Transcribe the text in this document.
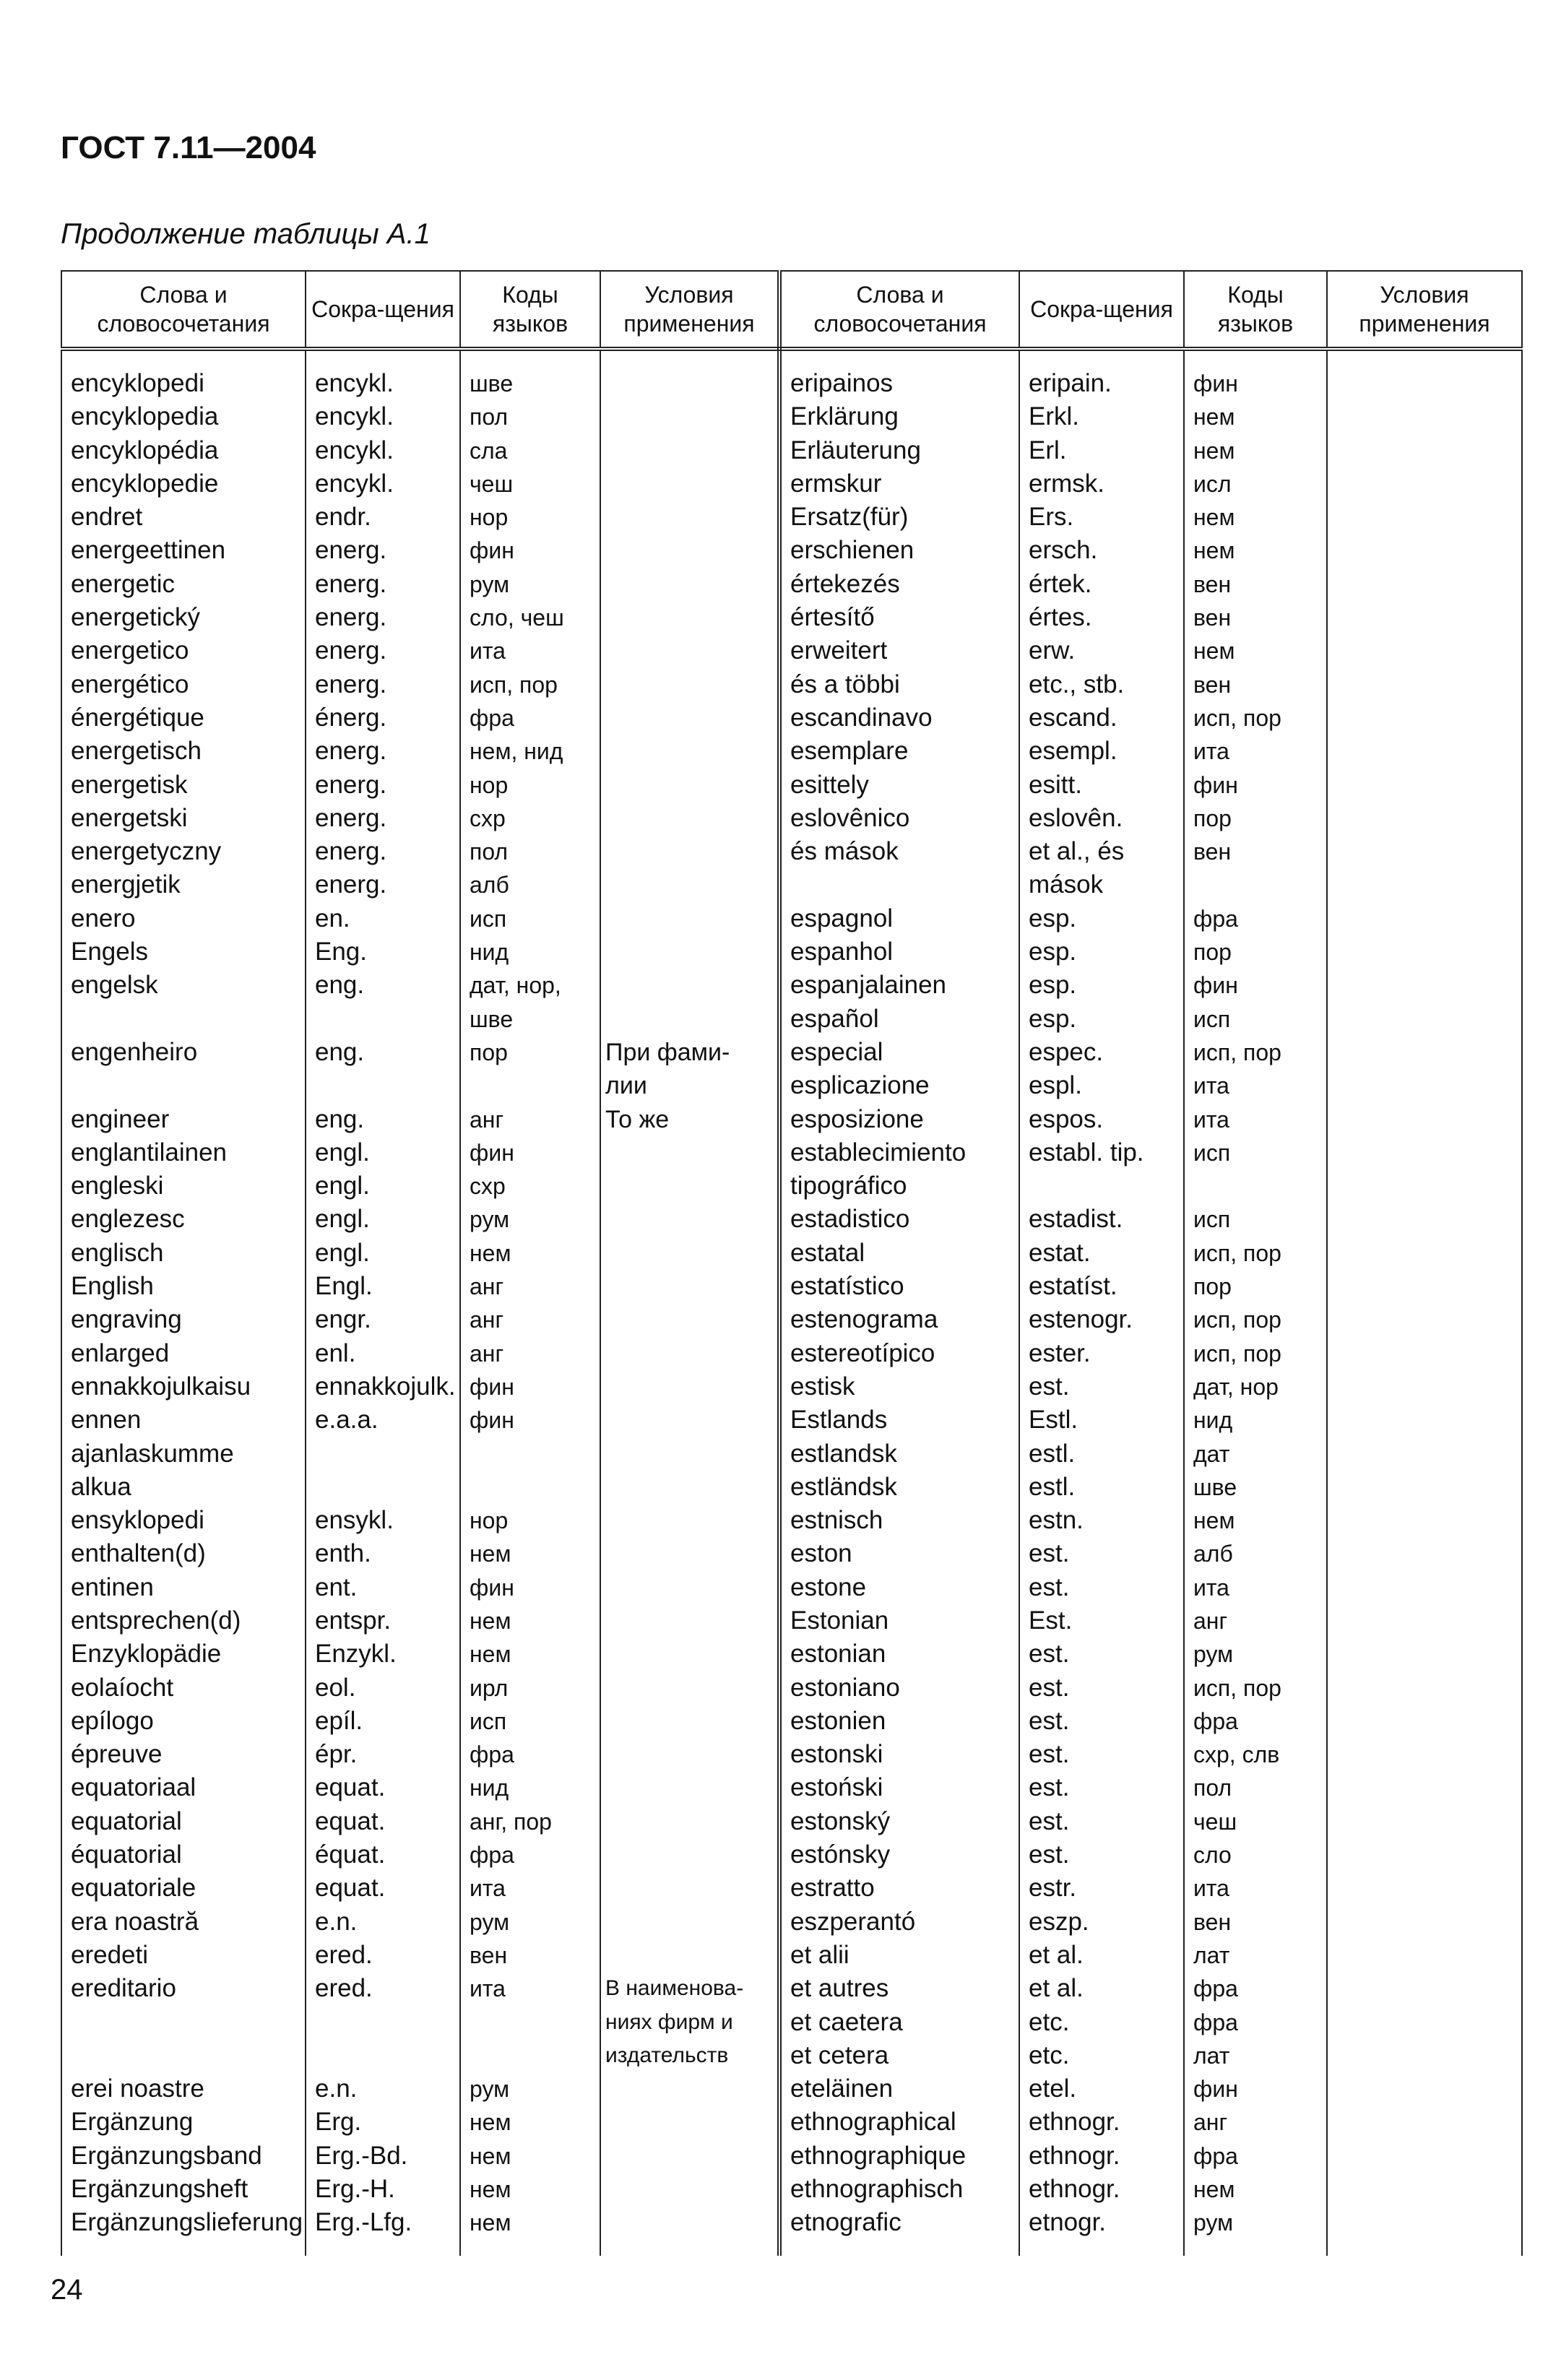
ГОСТ 7.11—2004
Продолжение таблицы А.1
Слова и словосочетания	Сокра-щения	Коды языков	Условия применения	Слова и словосочетания	Сокра-щения	Коды языков	Условия применения

encyklopedi	encykl.	шве		eripainos	eripain.	фин	
encyklopedia	encykl.	пол		Erklärung	Erkl.	нем	
encyklopédia	encykl.	сла		Erläuterung	Erl.	нем	
encyklopedie	encykl.	чеш		ermskur	ermsk.	исл	
endret	endr.	нор		Ersatz(für)	Ers.	нем	
energeettinen	energ.	фин		erschienen	ersch.	нем	
energetic	energ.	рум		értekezés	értek.	вен	
energetický	energ.	сло, чеш		értesítő	értes.	вен	
energetico	energ.	ита		erweitert	erw.	нем	
energético	energ.	исп, пор		és a többi	etc., stb.	вен	
énergétique	énerg.	фра		escandinavo	escand.	исп, пор	
energetisch	energ.	нем, нид		esemplare	esempl.	ита	
energetisk	energ.	нор		esittely	esitt.	фин	
energetski	energ.	схр		eslovênico	eslovên.	пор	
energetyczny	energ.	пол		és mások	et al., és	вен	
energjetik	energ.	алб			mások		
enero	en.	исп		espagnol	esp.	фра	
Engels	Eng.	нид		espanhol	esp.	пор	
engelsk	eng.	дат, нор,		espanjalainen	esp.	фин	
		шве		español	esp.	исп	
engenheiro	eng.	пор	При фами-	especial	espec.	исп, пор	
			лии	esplicazione	espl.	ита	
engineer	eng.	анг	То же	esposizione	espos.	ита	
englantilainen	engl.	фин		establecimiento	establ. tip.	исп	
engleski	engl.	схр		tipográfico			
englezesc	engl.	рум		estadistico	estadist.	исп	
englisch	engl.	нем		estatal	estat.	исп, пор	
English	Engl.	анг		estatístico	estatíst.	пор	
engraving	engr.	анг		estenograma	estenogr.	исп, пор	
enlarged	enl.	анг		estereotípico	ester.	исп, пор	
ennakkojulkaisu	ennakkojulk.	фин		estisk	est.	дат, нор	
ennen	e.a.a.	фин		Estlands	Estl.	нид	
ajanlaskumme				estlandsk	estl.	дат	
alkua				estländsk	estl.	шве	
ensyklopedi	ensykl.	нор		estnisch	estn.	нем	
enthalten(d)	enth.	нем		eston	est.	алб	
entinen	ent.	фин		estone	est.	ита	
entsprechen(d)	entspr.	нем		Estonian	Est.	анг	
Enzyklopädie	Enzykl.	нем		estonian	est.	рум	
eolaíocht	eol.	ирл		estoniano	est.	исп, пор	
epílogo	epíl.	исп		estonien	est.	фра	
épreuve	épr.	фра		estonski	est.	схр, слв	
equatoriaal	equat.	нид		estoński	est.	пол	
equatorial	equat.	анг, пор		estonský	est.	чеш	
équatorial	équat.	фра		estónsky	est.	сло	
equatoriale	equat.	ита		estratto	estr.	ита	
era noastră	e.n.	рум		eszperantó	eszp.	вен	
eredeti	ered.	вен		et alii	et al.	лат	
ereditario	ered.	ита	В наименова-	et autres	et al.	фра	
			ниях фирм и	et caetera	etc.	фра	
			издательств	et cetera	etc.	лат	
erei noastre	e.n.	рум		eteläinen	etel.	фин	
Ergänzung	Erg.	нем		ethnographical	ethnogr.	анг	
Ergänzungsband	Erg.-Bd.	нем		ethnographique	ethnogr.	фра	
Ergänzungsheft	Erg.-H.	нем		ethnographisch	ethnogr.	нем	
Ergänzungslieferung	Erg.-Lfg.	нем		etnografic	etnogr.	рум	

24
